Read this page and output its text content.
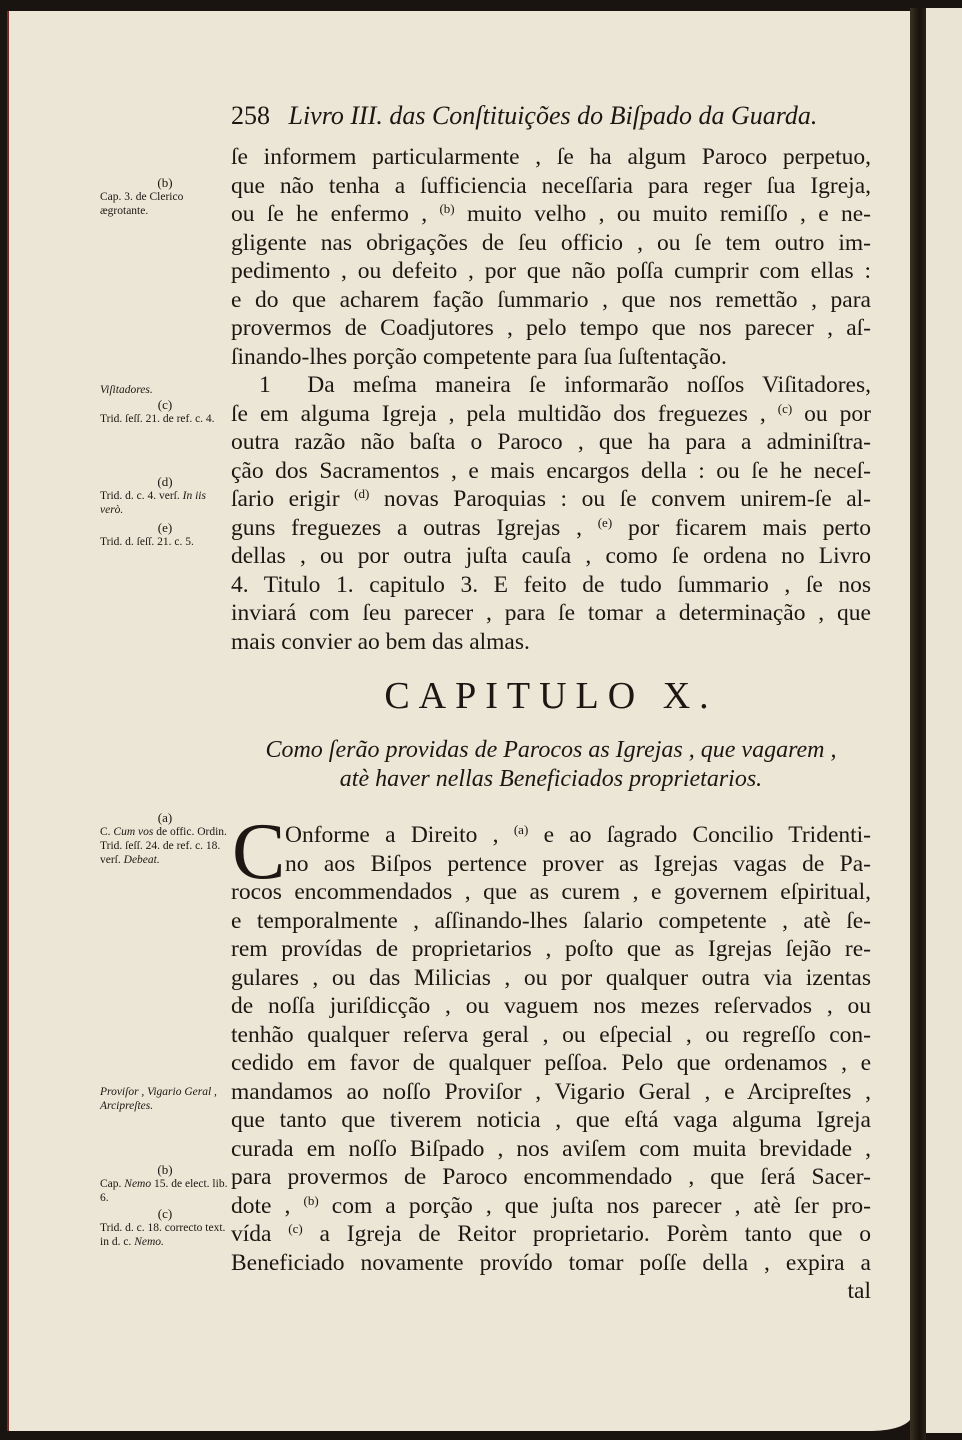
258 Livro III. das Conſtituições do Biſpado da Guarda.
ſe informem particularmente , ſe ha algum Paroco perpetuo,
que não tenha a ſufficiencia neceſſaria para reger ſua Igreja,
ou ſe he enfermo , $^{(b)}$ muito velho , ou muito remiſſo , e ne-
gligente nas obrigações de ſeu officio , ou ſe tem outro im-
pedimento , ou defeito , por que não poſſa cumprir com ellas :
e do que acharem fação ſummario , que nos remettão , para
provermos de Coadjutores , pelo tempo que nos parecer , aſ-
ſinando-lhes porção competente para ſua ſuſtentação.
1 Da meſma maneira ſe informarão noſſos Viſitadores,
ſe em alguma Igreja , pela multidão dos freguezes , $^{(c)}$ ou por
outra razão não baſta o Paroco , que ha para a adminiſtra-
ção dos Sacramentos , e mais encargos della : ou ſe he neceſ-
ſario erigir $^{(d)}$ novas Paroquias : ou ſe convem unirem-ſe al-
guns freguezes a outras Igrejas , $^{(e)}$ por ficarem mais perto
dellas , ou por outra juſta cauſa , como ſe ordena no Livro
4. Titulo 1. capitulo 3. E feito de tudo ſummario , ſe nos
inviará com ſeu parecer , para ſe tomar a determinação , que
mais convier ao bem das almas.
CAPITULO X.
Como ſerão providas de Parocos as Igrejas , que vagarem ,
atè haver nellas Beneficiados proprietarios.
C Onforme a Direito , $^{(a)}$ e ao ſagrado Concilio Tridenti-
no aos Biſpos pertence prover as Igrejas vagas de Pa-
rocos encommendados , que as curem , e governem eſpiritual,
e temporalmente , aſſinando-lhes ſalario competente , atè ſe-
rem provídas de proprietarios , poſto que as Igrejas ſejão re-
gulares , ou das Milicias , ou por qualquer outra via izentas
de noſſa juriſdicção , ou vaguem nos mezes reſervados , ou
tenhão qualquer reſerva geral , ou eſpecial , ou regreſſo con-
cedido em favor de qualquer peſſoa. Pelo que ordenamos , e
mandamos ao noſſo Proviſor , Vigario Geral , e Arcipreſtes ,
que tanto que tiverem noticia , que eſtá vaga alguma Igreja
curada em noſſo Biſpado , nos aviſem com muita brevidade ,
para provermos de Paroco encommendado , que ſerá Sacer-
dote , $^{(b)}$ com a porção , que juſta nos parecer , atè ſer pro-
vída $^{(c)}$ a Igreja de Reitor proprietario. Porèm tanto que o
Beneficiado novamente provído tomar poſſe della , expira a
tal
(b)
Cap. 3. de Clerico ægrotante.
Viſitadores.
(c)
Trid. ſeſſ. 21. de ref. c. 4.
(d)
Trid. d. c. 4. verſ. In iis verò.
(e)
Trid. d. ſeſſ. 21. c. 5.
(a)
C. Cum vos de offic. Ordin. Trid. ſeſſ. 24. de ref. c. 18. verſ. Debeat.
Proviſor , Vigario Geral , Arcipreſtes.
(b)
Cap. Nemo 15. de elect. lib. 6.
(c)
Trid. d. c. 18. correcto text. in d. c. Nemo.
